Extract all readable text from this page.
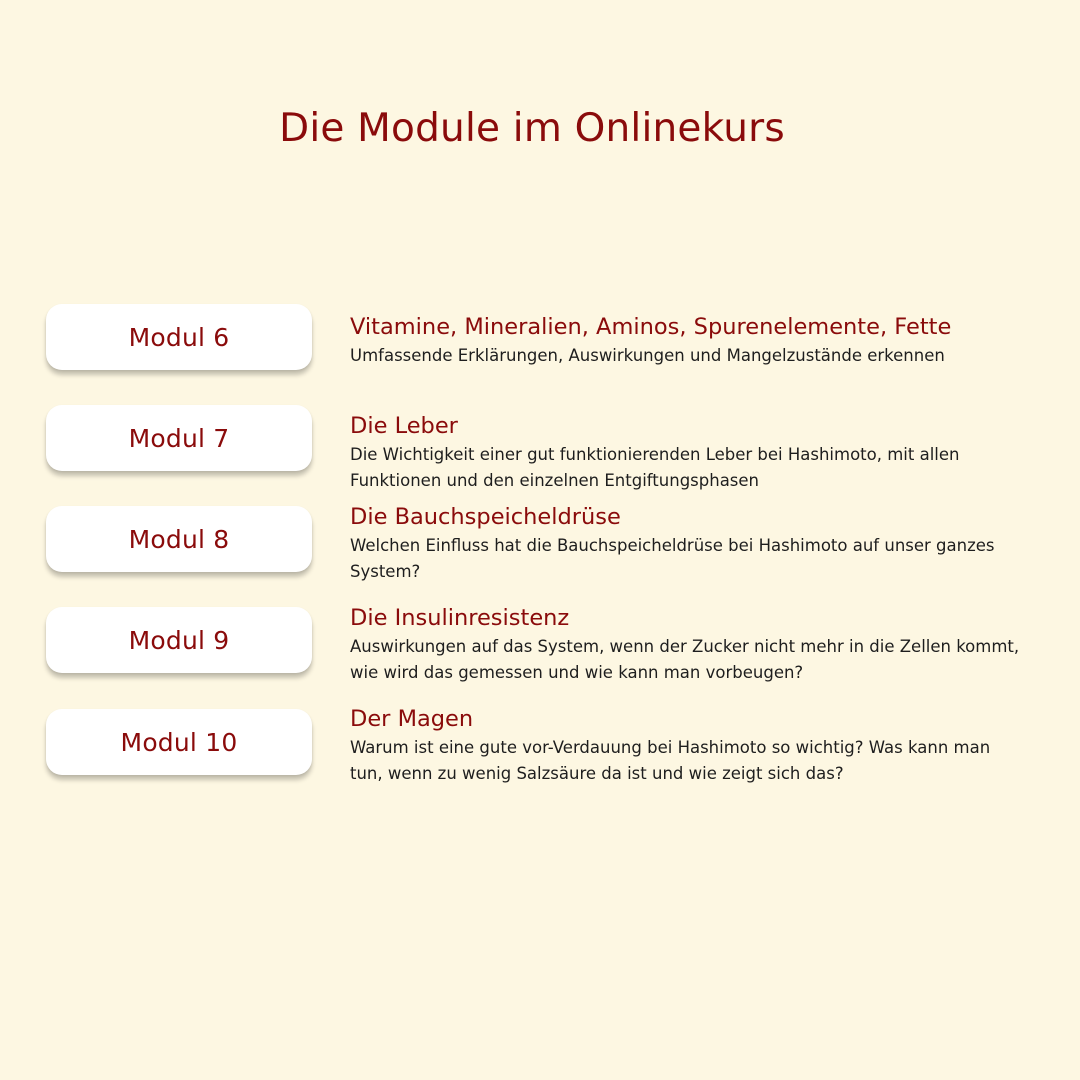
Die Module im Onlinekurs
Modul 6	Vitamine, Mineralien, Aminos, Spurenelemente, Fette

Umfassende Erklärungen, Auswirkungen und Mangelzustände erkennen

Modul 7	Die Leber

Die Wichtigkeit einer gut funktionierenden Leber bei Hashimoto, mit allen Funktionen und den einzelnen Entgiftungsphasen

Modul 8

Die Bauchspeicheldrüse

Welchen Einfluss hat die Bauchspeicheldrüse bei Hashimoto auf unser ganzes System?

Modul 9

Die Insulinresistenz

Auswirkungen auf das System, wenn der Zucker nicht mehr in die Zellen kommt, wie wird das gemessen und wie kann man vorbeugen?

Modul 10

Der Magen

Warum ist eine gute vor-Verdauung bei Hashimoto so wichtig? Was kann man tun, wenn zu wenig Salzsäure da ist und wie zeigt sich das?
